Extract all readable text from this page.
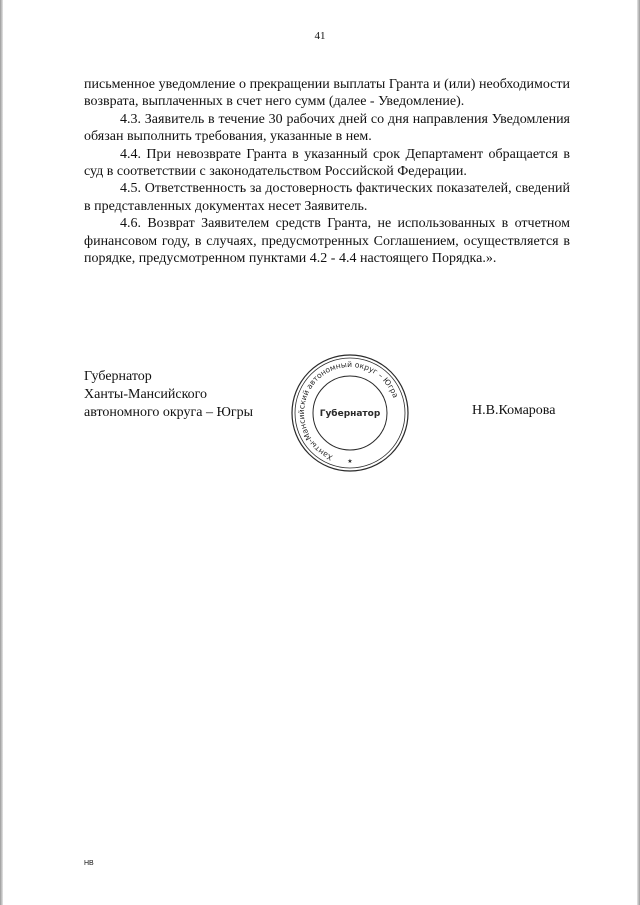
41

письменное уведомление о прекращении выплаты Гранта и (или) необходимости возврата, выплаченных в счет него сумм (далее - Уведомление).

4.3. Заявитель в течение 30 рабочих дней со дня направления Уведомления обязан выполнить требования, указанные в нем.

4.4. При невозврате Гранта в указанный срок Департамент обращается в суд в соответствии с законодательством Российской Федерации.

4.5. Ответственность за достоверность фактических показателей, сведений в представленных документах несет Заявитель.

4.6. Возврат Заявителем средств Гранта, не использованных в отчетном финансовом году, в случаях, предусмотренных Соглашением, осуществляется в порядке, предусмотренном пунктами 4.2 - 4.4 настоящего Порядка.».

Губернатор
Ханты-Мансийского
автономного округа – Югры
Ханты-Мансийский автономный округ – Югра
Губернатор
★
Н.В.Комарова
НВ
